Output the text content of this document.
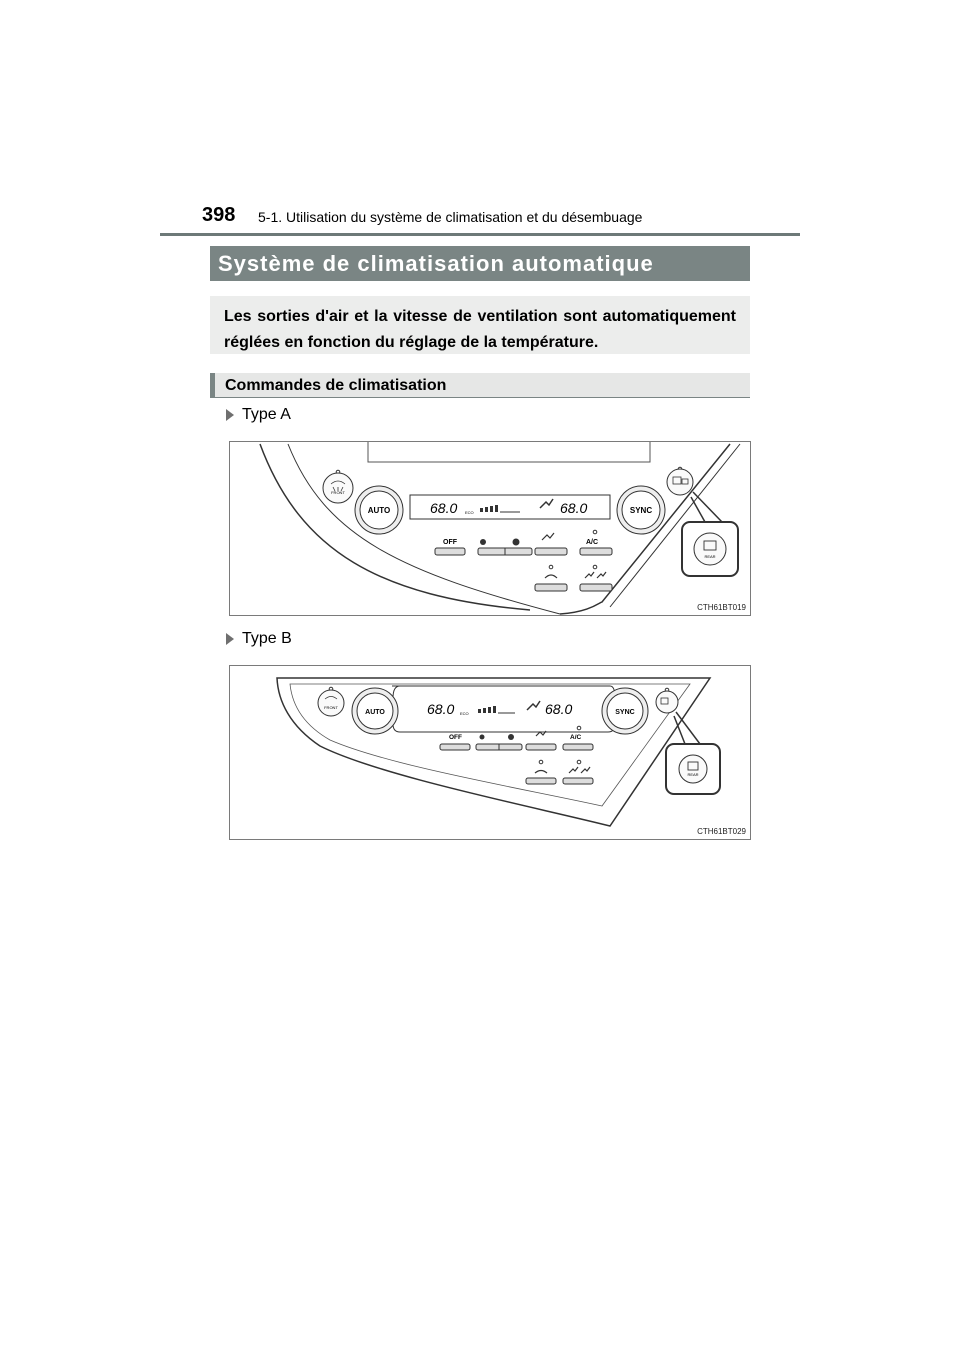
398 5-1. Utilisation du système de climatisation et du désembuage
Système de climatisation automatique
Les sorties d'air et la vitesse de ventilation sont automatiquement réglées en fonction du réglage de la température.
Commandes de climatisation
Type A
FRONT
AUTO	68.0 ECO	68.0	SYNC
REAR
OFF	A/C
CTH61BT019
Type B
FRONT
AUTO	68.0 ECO	68.0	SYNC
REAR
OFF	A/C
CTH61BT029
